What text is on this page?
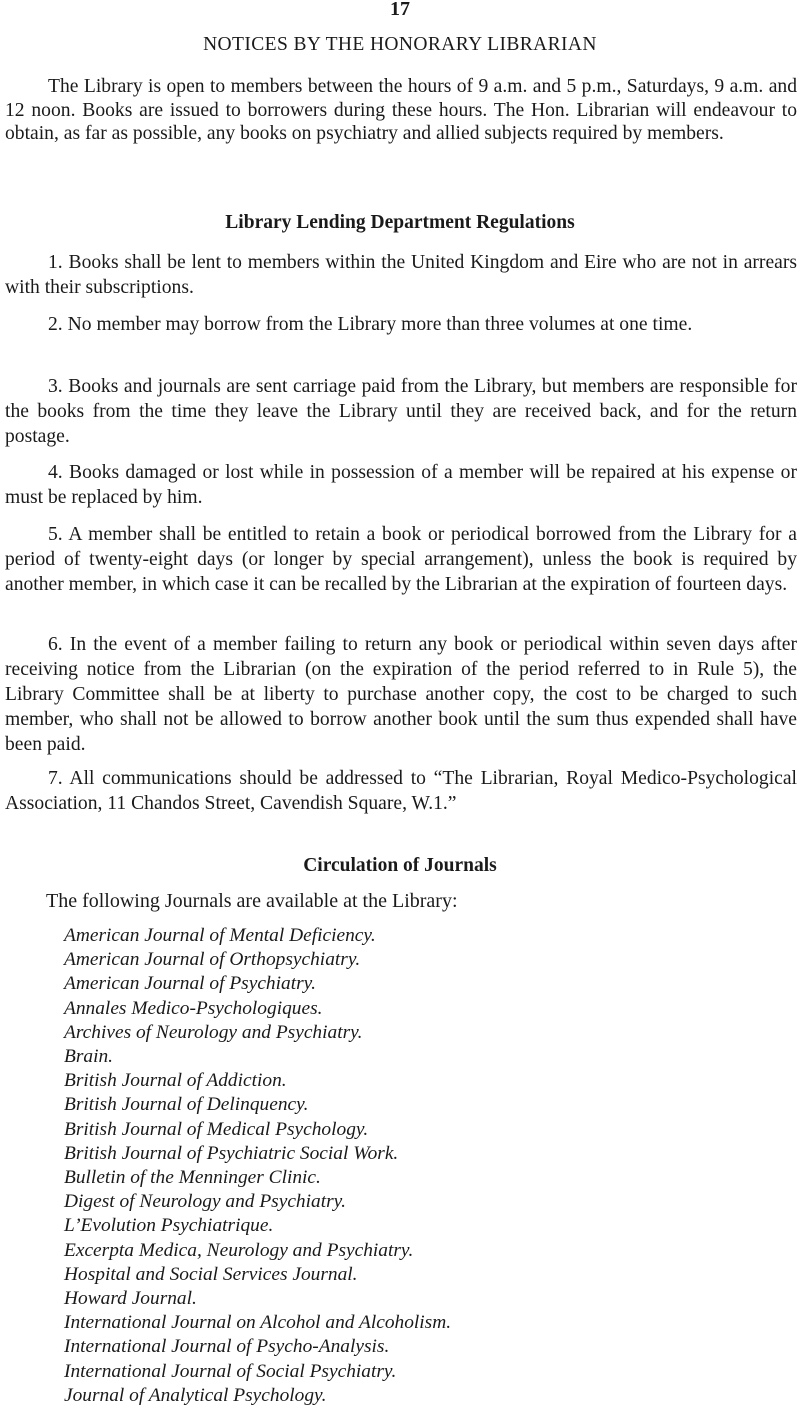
17
NOTICES BY THE HONORARY LIBRARIAN

The Library is open to members between the hours of 9 a.m. and 5 p.m., Saturdays, 9 a.m. and 12 noon. Books are issued to borrowers during these hours. The Hon. Librarian will endeavour to obtain, as far as possible, any books on psychiatry and allied subjects required by members.

Library Lending Department Regulations

1. Books shall be lent to members within the United Kingdom and Eire who are not in arrears with their subscriptions.

2. No member may borrow from the Library more than three volumes at one time.

3. Books and journals are sent carriage paid from the Library, but members are responsible for the books from the time they leave the Library until they are received back, and for the return postage.

4. Books damaged or lost while in possession of a member will be repaired at his expense or must be replaced by him.

5. A member shall be entitled to retain a book or periodical borrowed from the Library for a period of twenty-eight days (or longer by special arrangement), unless the book is required by another member, in which case it can be recalled by the Librarian at the expiration of fourteen days.

6. In the event of a member failing to return any book or periodical within seven days after receiving notice from the Librarian (on the expiration of the period referred to in Rule 5), the Library Committee shall be at liberty to purchase another copy, the cost to be charged to such member, who shall not be allowed to borrow another book until the sum thus expended shall have been paid.

7. All communications should be addressed to “The Librarian, Royal Medico-Psychological Association, 11 Chandos Street, Cavendish Square, W.1.”

Circulation of Journals
The following Journals are available at the Library:
American Journal of Mental Deficiency.
American Journal of Orthopsychiatry.
American Journal of Psychiatry.
Annales Medico-Psychologiques.
Archives of Neurology and Psychiatry.
Brain.
British Journal of Addiction.
British Journal of Delinquency.
British Journal of Medical Psychology.
British Journal of Psychiatric Social Work.
Bulletin of the Menninger Clinic.
Digest of Neurology and Psychiatry.
L’Evolution Psychiatrique.
Excerpta Medica, Neurology and Psychiatry.
Hospital and Social Services Journal.
Howard Journal.
International Journal on Alcohol and Alcoholism.
International Journal of Psycho-Analysis.
International Journal of Social Psychiatry.
Journal of Analytical Psychology.
